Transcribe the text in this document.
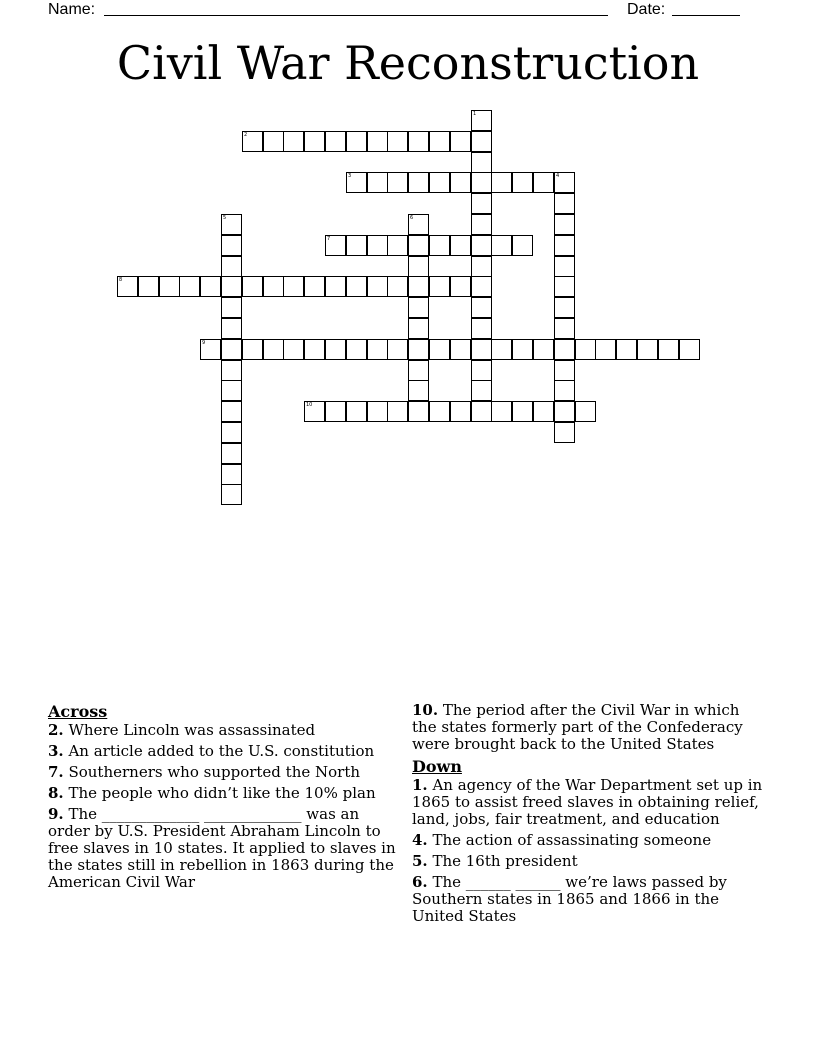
Name:	Date:
Civil War Reconstruction
1
2
3	4
5	6
7
8
9
10
Across
2. Where Lincoln was assassinated
3. An article added to the U.S. constitution
7. Southerners who supported the North
8. The people who didn’t like the 10% plan
9. The _____________ _____________ was an order by U.S. President Abraham Lincoln to free slaves in 10 states. It applied to slaves in the states still in rebellion in 1863 during the American Civil War
10. The period after the Civil War in which the states formerly part of the Confederacy were brought back to the United States
Down
1. An agency of the War Department set up in 1865 to assist freed slaves in obtaining relief, land, jobs, fair treatment, and education
4. The action of assassinating someone
5. The 16th president
6. The ______ ______ we’re laws passed by Southern states in 1865 and 1866 in the United States
